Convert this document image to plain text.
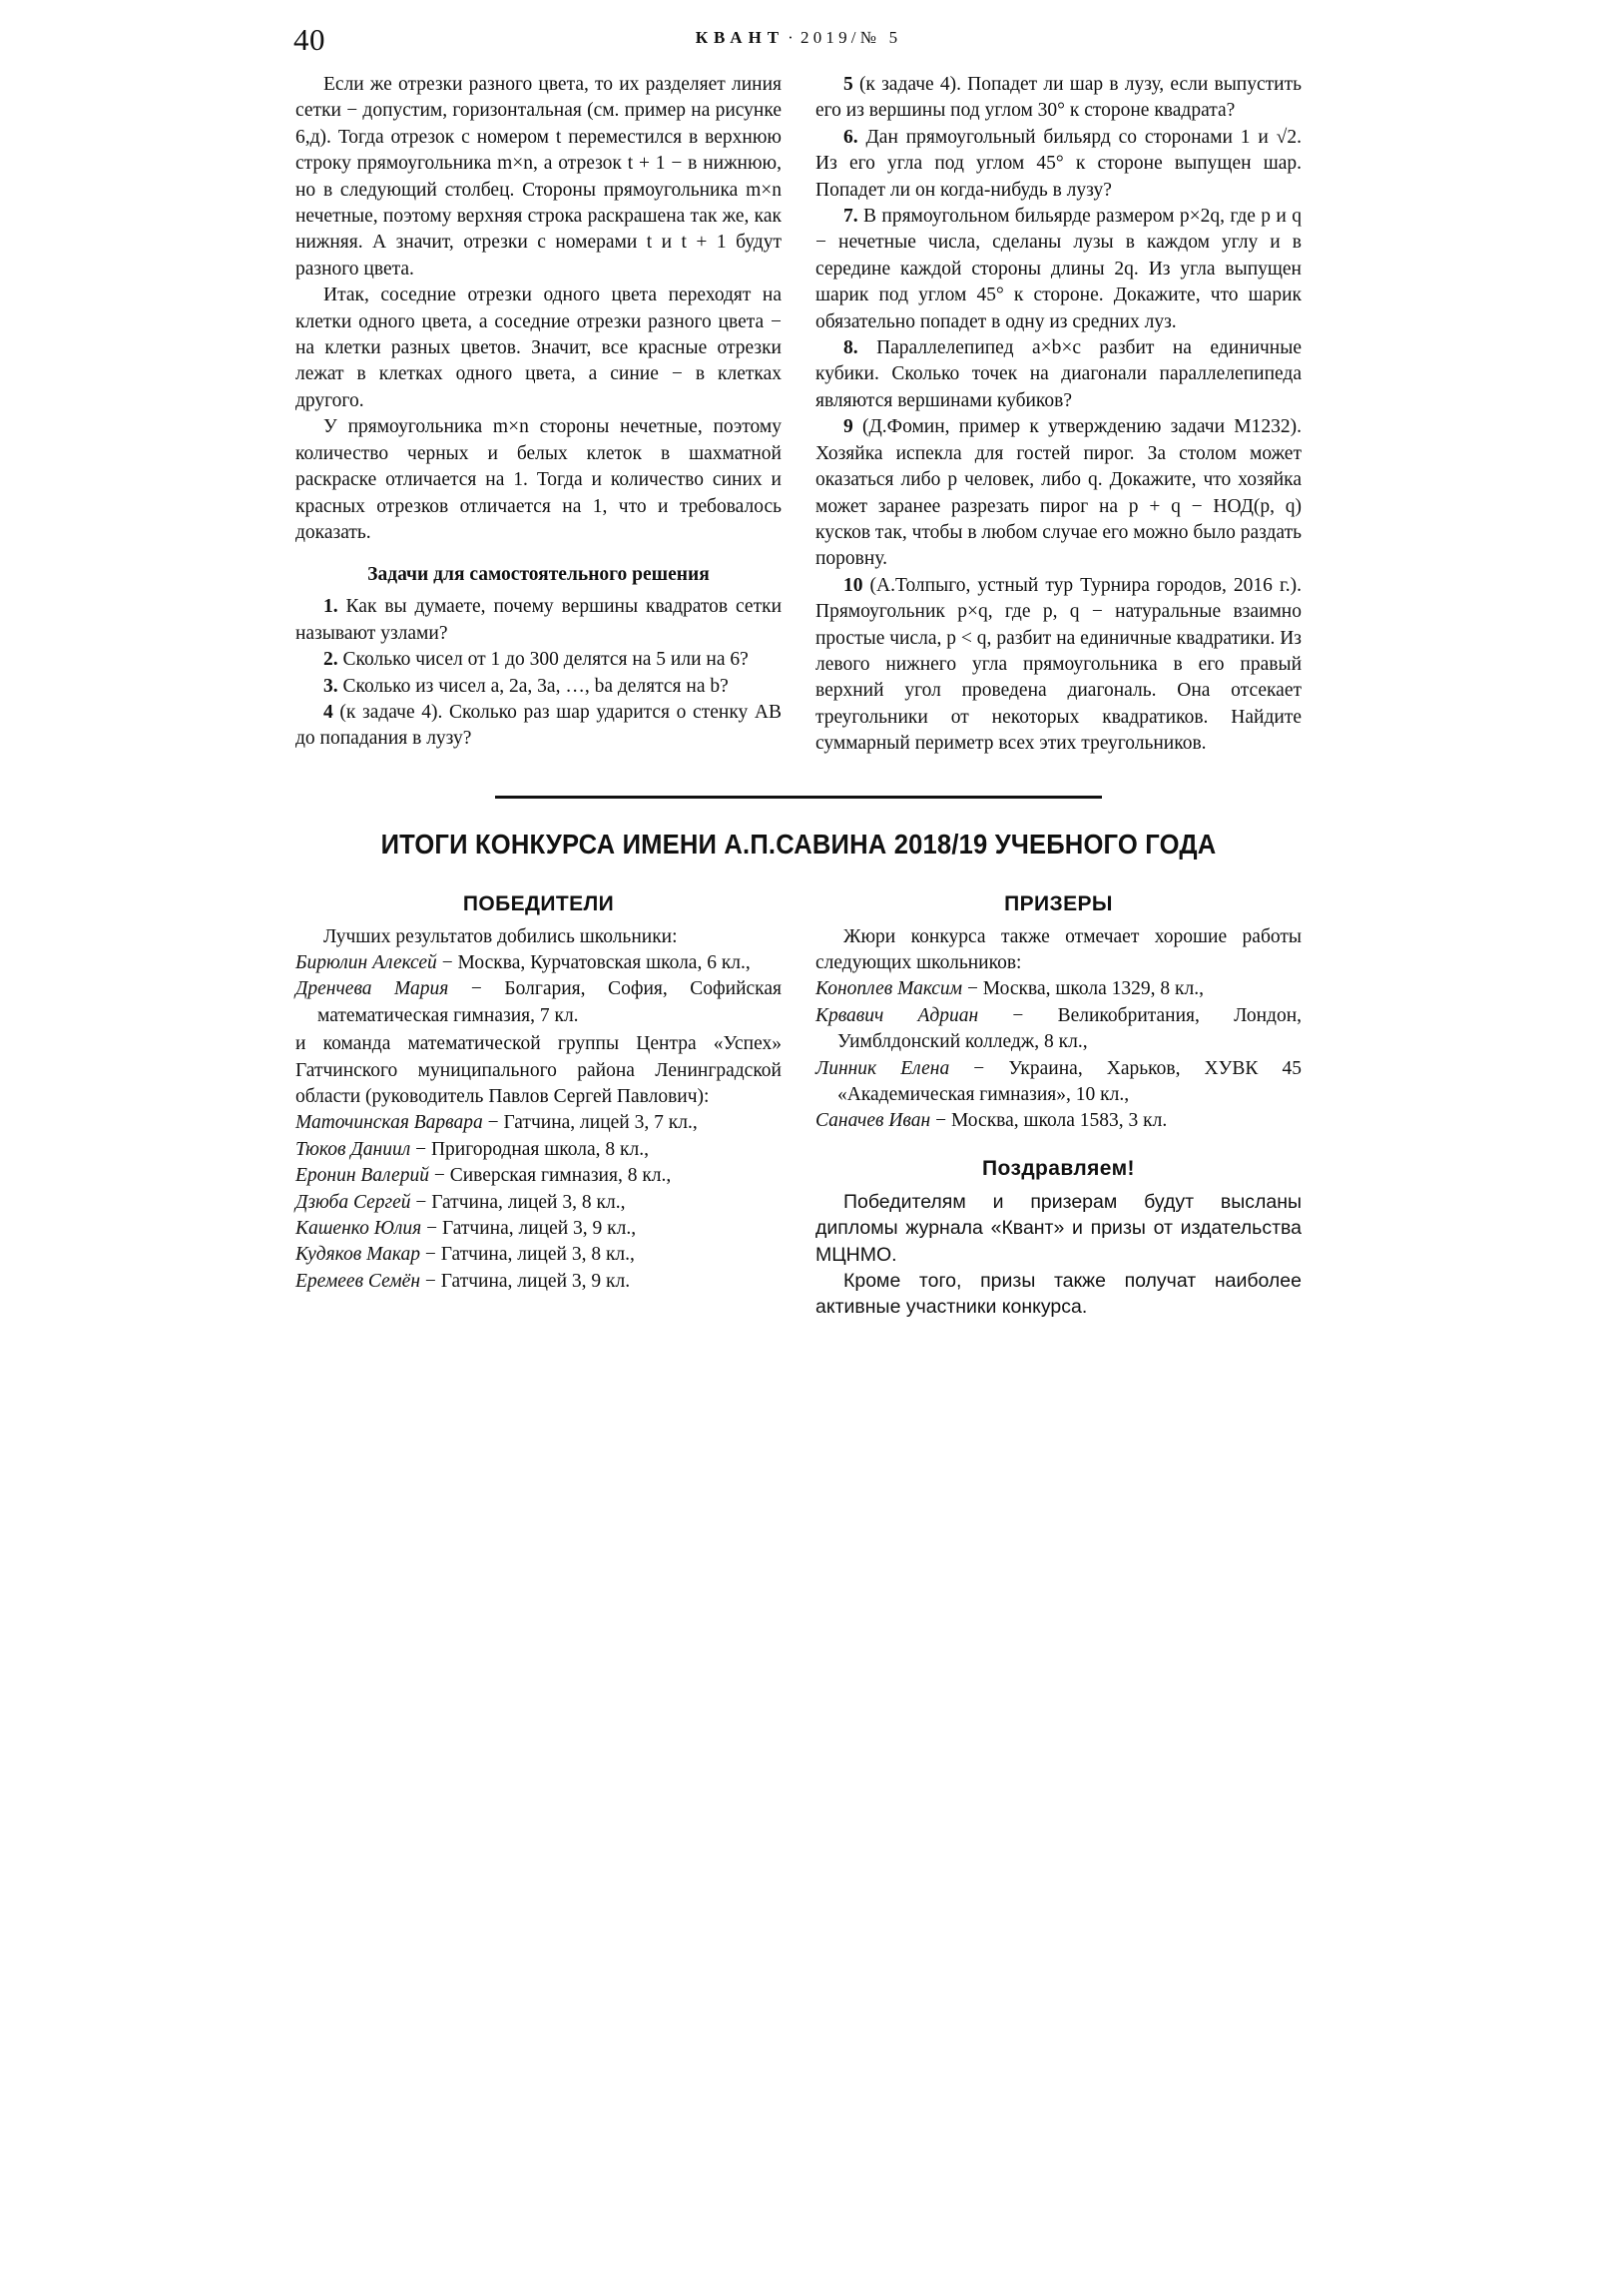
40	КВАНТ · 2019/№ 5

Если же отрезки разного цвета, то их разделяет линия сетки − допустим, горизонтальная (см. пример на рисунке 6,д). Тогда отрезок с номером t переместился в верхнюю строку прямоугольника m×n, а отрезок t + 1 − в нижнюю, но в следующий столбец. Стороны прямоугольника m×n нечетные, поэтому верхняя строка раскрашена так же, как нижняя. А значит, отрезки с номерами t и t + 1 будут разного цвета.

Итак, соседние отрезки одного цвета переходят на клетки одного цвета, а соседние отрезки разного цвета − на клетки разных цветов. Значит, все красные отрезки лежат в клетках одного цвета, а синие − в клетках другого.

У прямоугольника m×n стороны нечетные, поэтому количество черных и белых клеток в шахматной раскраске отличается на 1. Тогда и количество синих и красных отрезков отличается на 1, что и требовалось доказать.

Задачи для самостоятельного решения

1. Как вы думаете, почему вершины квадратов сетки называют узлами?

2. Сколько чисел от 1 до 300 делятся на 5 или на 6?

3. Сколько из чисел a, 2a, 3a, …, ba делятся на b?

4 (к задаче 4). Сколько раз шар ударится о стенку AB до попадания в лузу?

5 (к задаче 4). Попадет ли шар в лузу, если выпустить его из вершины под углом 30° к стороне квадрата?

6. Дан прямоугольный бильярд со сторонами 1 и √2. Из его угла под углом 45° к стороне выпущен шар. Попадет ли он когда-нибудь в лузу?

7. В прямоугольном бильярде размером p×2q, где p и q − нечетные числа, сделаны лузы в каждом углу и в середине каждой стороны длины 2q. Из угла выпущен шарик под углом 45° к стороне. Докажите, что шарик обязательно попадет в одну из средних луз.

8. Параллелепипед a×b×c разбит на единичные кубики. Сколько точек на диагонали параллелепипеда являются вершинами кубиков?

9 (Д.Фомин, пример к утверждению задачи М1232). Хозяйка испекла для гостей пирог. За столом может оказаться либо p человек, либо q. Докажите, что хозяйка может заранее разрезать пирог на p + q − НОД(p, q) кусков так, чтобы в любом случае его можно было раздать поровну.

10 (А.Толпыго, устный тур Турнира городов, 2016 г.). Прямоугольник p×q, где p, q − натуральные взаимно простые числа, p < q, разбит на единичные квадратики. Из левого нижнего угла прямоугольника в его правый верхний угол проведена диагональ. Она отсекает треугольники от некоторых квадратиков. Найдите суммарный периметр всех этих треугольников.

ИТОГИ КОНКУРСА ИМЕНИ А.П.САВИНА 2018/19 УЧЕБНОГО ГОДА
ПОБЕДИТЕЛИ

Лучших результатов добились школьники:

Бирюлин Алексей − Москва, Курчатовская школа, 6 кл.,
Дренчева Мария − Болгария, София, Софийская математическая гимназия, 7 кл.

и команда математической группы Центра «Успех» Гатчинского муниципального района Ленинградской области (руководитель Павлов Сергей Павлович):

Маточинская Варвара − Гатчина, лицей 3, 7 кл.,
Тюков Даниил − Пригородная школа, 8 кл.,
Еронин Валерий − Сиверская гимназия, 8 кл.,
Дзюба Сергей − Гатчина, лицей 3, 8 кл.,
Кашенко Юлия − Гатчина, лицей 3, 9 кл.,
Кудяков Макар − Гатчина, лицей 3, 8 кл.,
Еремеев Семён − Гатчина, лицей 3, 9 кл.
ПРИЗЕРЫ

Жюри конкурса также отмечает хорошие работы следующих школьников:

Коноплев Максим − Москва, школа 1329, 8 кл.,
Крвавич Адриан − Великобритания, Лондон, Уимблдонский колледж, 8 кл.,
Линник Елена − Украина, Харьков, ХУВК 45 «Академическая гимназия», 10 кл.,
Саначев Иван − Москва, школа 1583, 3 кл.
Поздравляем!

Победителям и призерам будут высланы дипломы журнала «Квант» и призы от издательства МЦНМО.

Кроме того, призы также получат наиболее активные участники конкурса.
